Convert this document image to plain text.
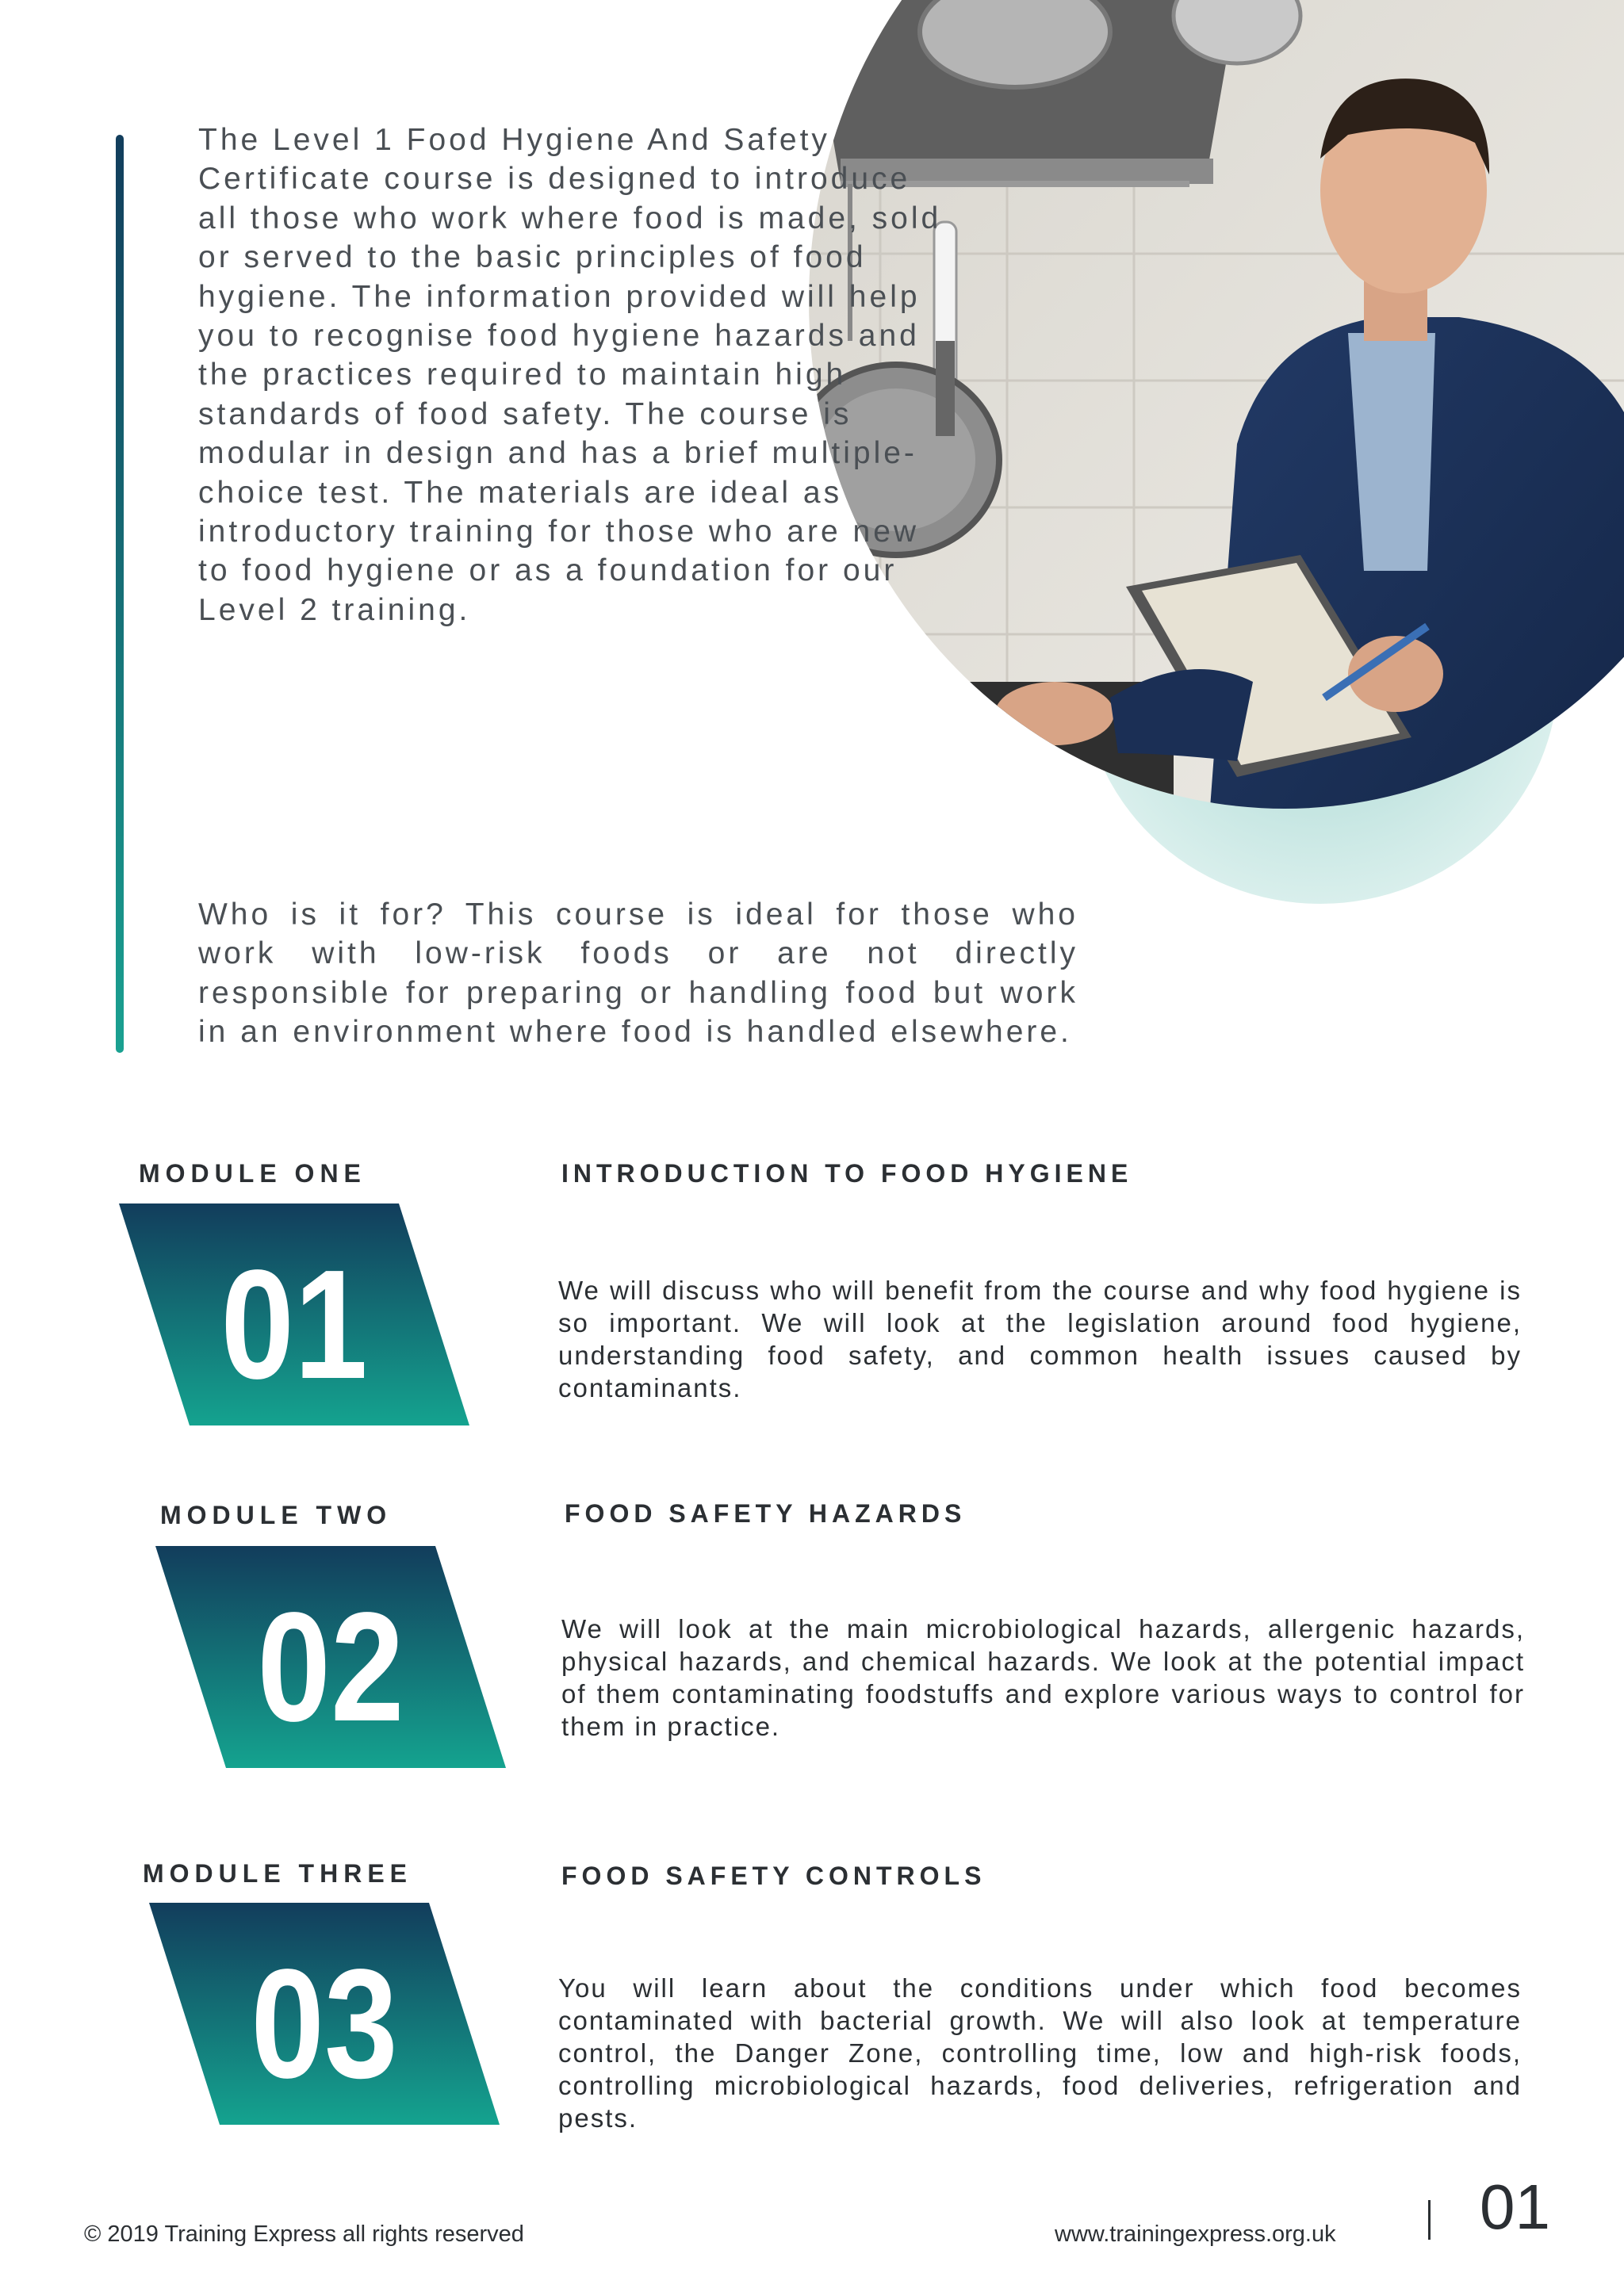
The Level 1 Food Hygiene And Safety Certificate course is designed to introduce all those who work where food is made, sold or served to the basic principles of food hygiene. The information provided will help you to recognise food hygiene hazards and the practices required to maintain high standards of food safety. The course is modular in design and has a brief multiple-choice test. The materials are ideal as introductory training for those who are new to food hygiene or as a foundation for our Level 2 training.

Who is it for? This course is ideal for those who work with low-risk foods or are not directly responsible for preparing or handling food but work in an environment where food is handled elsewhere.

MODULE ONE	INTRODUCTION TO FOOD HYGIENE
01	We will discuss who will benefit from the course and why food hygiene is so important. We will look at the legislation around food hygiene, understanding food safety, and common health issues caused by contaminants.

MODULE TWO	FOOD SAFETY HAZARDS
02	We will look at the main microbiological hazards, allergenic hazards, physical hazards, and chemical hazards. We look at the potential impact of them contaminating foodstuffs and explore various ways to control for them in practice.

MODULE THREE	FOOD SAFETY CONTROLS
03	You will learn about the conditions under which food becomes contaminated with bacterial growth. We will also look at temperature control, the Danger Zone, controlling time, low and high-risk foods, controlling microbiological hazards, food deliveries, refrigeration and pests.

© 2019 Training Express all rights reserved	www.trainingexpress.org.uk 01
